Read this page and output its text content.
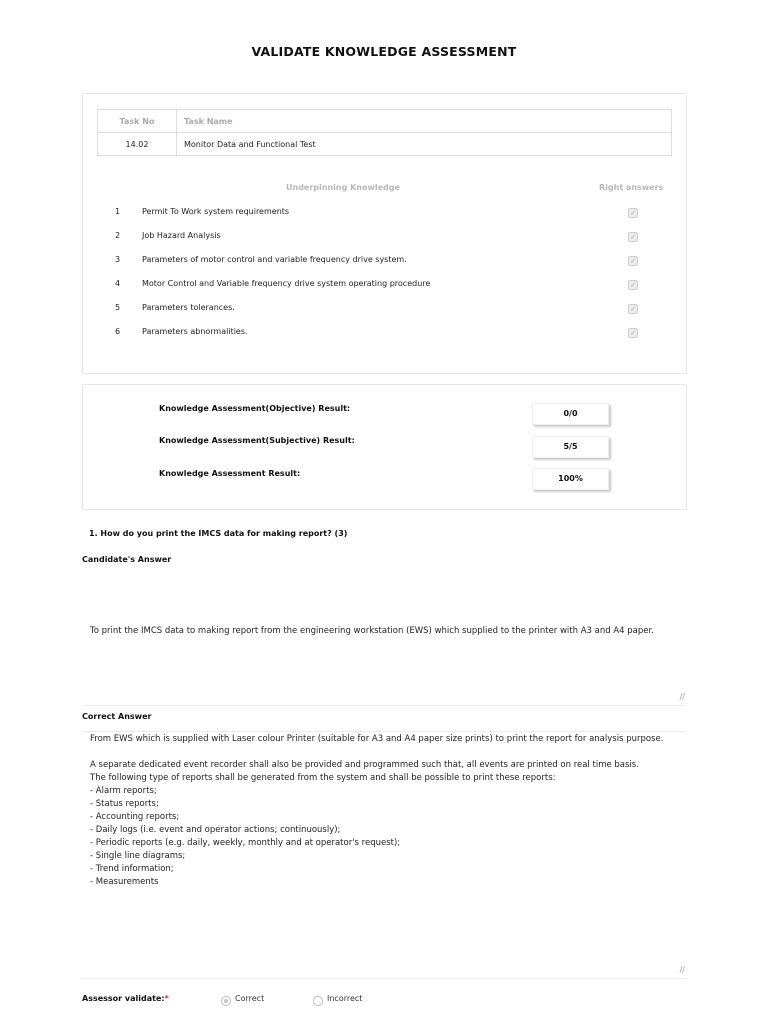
VALIDATE KNOWLEDGE ASSESSMENT
Task No	Task Name
14.02	Monitor Data and Functional Test
Underpinning Knowledge	Right answers
1	Permit To Work system requirements	✓
2	Job Hazard Analysis	✓
3	Parameters of motor control and variable frequency drive system.	✓
4	Motor Control and Variable frequency drive system operating procedure	✓
5	Parameters tolerances.	✓
6	Parameters abnormalities.	✓
Knowledge Assessment(Objective) Result:
0/0
Knowledge Assessment(Subjective) Result:
5/5
Knowledge Assessment Result:
100%
1. How do you print the IMCS data for making report? (3)
Candidate's Answer

To print the IMCS data to making report from the engineering workstation (EWS) which supplied to the printer with A3 and A4 paper.

∕∕

Correct Answer

From EWS which is supplied with Laser colour Printer (suitable for A3 and A4 paper size prints) to print the report for analysis purpose.

A separate dedicated event recorder shall also be provided and programmed such that, all events are printed on real time basis.
The following type of reports shall be generated from the system and shall be possible to print these reports:
- Alarm reports;
- Status reports;
- Accounting reports;
- Daily logs (i.e. event and operator actions; continuously);
- Periodic reports (e.g. daily, weekly, monthly and at operator's request);
- Single line diagrams;
- Trend information;
- Measurements

∕∕

Assessor validate:*	Correct	Incorrect
